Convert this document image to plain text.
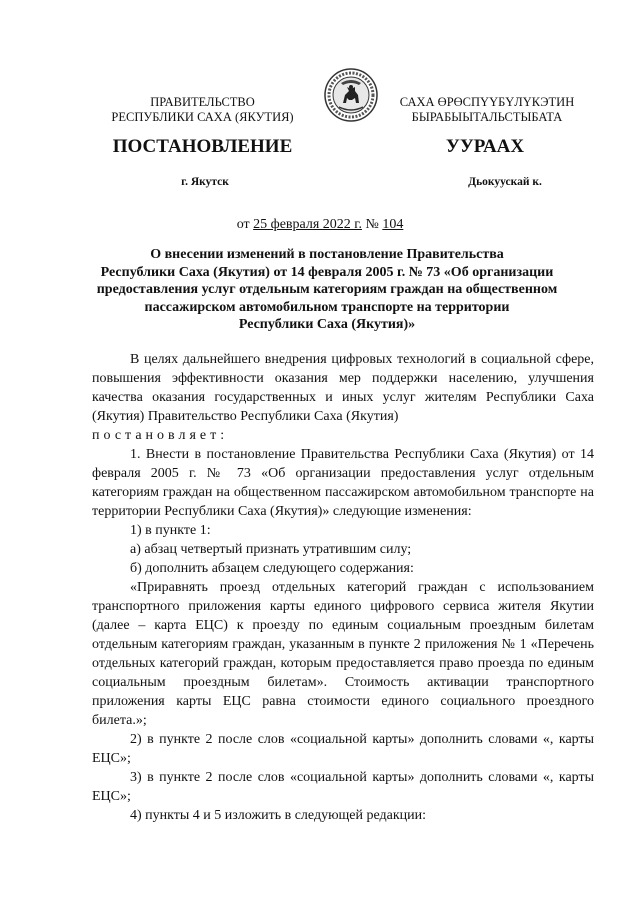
ПРАВИТЕЛЬСТВО
РЕСПУБЛИКИ САХА (ЯКУТИЯ)
САХА ӨРӨСПҮҮБҮЛҮКЭТИН
БЫРАБЫЫТАЛЬСТЫБАТА
ПОСТАНОВЛЕНИЕ	УУРААХ
г. Якутск	Дьокуускай к.
от 25 февраля 2022 г. № 104
О внесении изменений в постановление Правительства
Республики Саха (Якутия) от 14 февраля 2005 г. № 73 «Об организации
предоставления услуг отдельным категориям граждан на общественном
пассажирском автомобильном транспорте на территории
Республики Саха (Якутия)»

В целях дальнейшего внедрения цифровых технологий в социальной сфере, повышения эффективности оказания мер поддержки населению, улучшения качества оказания государственных и иных услуг жителям Республики Саха (Якутия) Правительство Республики Саха (Якутия)

постановляет:

1. Внести в постановление Правительства Республики Саха (Якутия) от 14 февраля 2005 г. № 73 «Об организации предоставления услуг отдельным категориям граждан на общественном пассажирском автомобильном транспорте на территории Республики Саха (Якутия)» следующие изменения:

1) в пункте 1:

а) абзац четвертый признать утратившим силу;

б) дополнить абзацем следующего содержания:

«Приравнять проезд отдельных категорий граждан с использованием транспортного приложения карты единого цифрового сервиса жителя Якутии (далее – карта ЕЦС) к проезду по единым социальным проездным билетам отдельным категориям граждан, указанным в пункте 2 приложения № 1 «Перечень отдельных категорий граждан, которым предоставляется право проезда по единым социальным проездным билетам». Стоимость активации транспортного приложения карты ЕЦС равна стоимости единого социального проездного билета.»;

2) в пункте 2 после слов «социальной карты» дополнить словами «, карты ЕЦС»;

3) в пункте 2 после слов «социальной карты» дополнить словами «, карты ЕЦС»;

4) пункты 4 и 5 изложить в следующей редакции:
